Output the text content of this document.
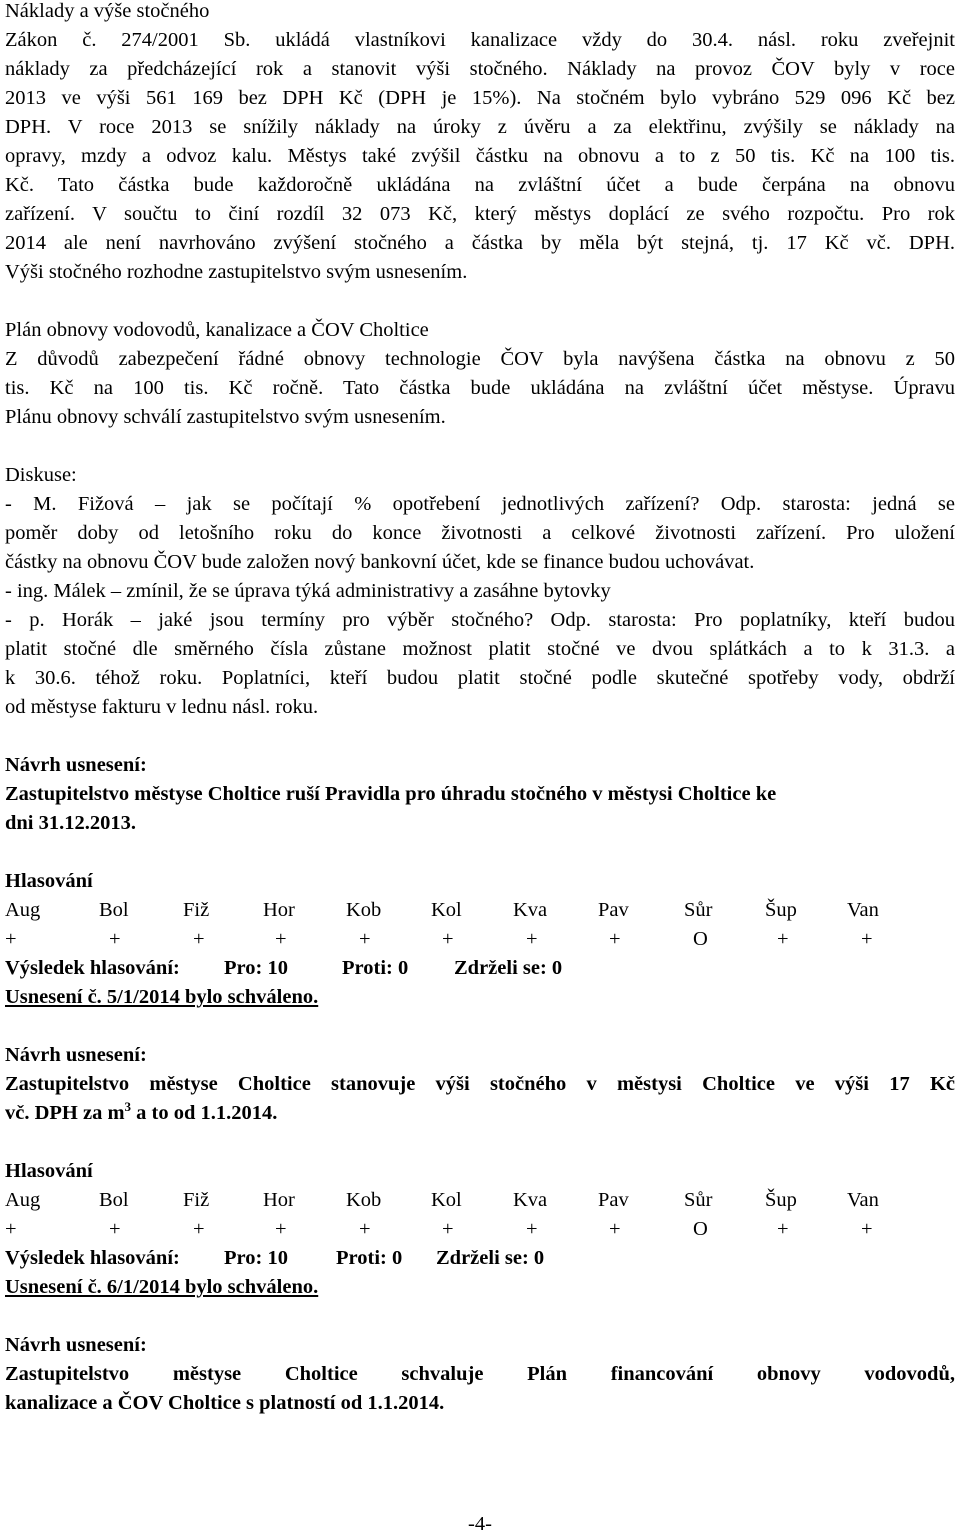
Náklady a výše stočného
Zákon č. 274/2001 Sb. ukládá vlastníkovi kanalizace vždy do 30.4. násl. roku zveřejnit
náklady za předcházející rok a stanovit výši stočného. Náklady na provoz ČOV byly v roce
2013 ve výši 561 169 bez DPH Kč (DPH je 15%). Na stočném bylo vybráno 529 096 Kč bez
DPH. V roce 2013 se snížily náklady na úroky z úvěru a za elektřinu, zvýšily se náklady na
opravy, mzdy a odvoz kalu. Městys také zvýšil částku na obnovu a to z 50 tis. Kč na 100 tis.
Kč. Tato částka bude každoročně ukládána na zvláštní účet a bude čerpána na obnovu
zařízení. V součtu to činí rozdíl 32 073 Kč, který městys doplácí ze svého rozpočtu. Pro rok
2014 ale není navrhováno zvýšení stočného a částka by měla být stejná, tj. 17 Kč vč. DPH.
Výši stočného rozhodne zastupitelstvo svým usnesením.
Plán obnovy vodovodů, kanalizace a ČOV Choltice
Z důvodů zabezpečení řádné obnovy technologie ČOV byla navýšena částka na obnovu z 50
tis. Kč na 100 tis. Kč ročně. Tato částka bude ukládána na zvláštní účet městyse. Úpravu
Plánu obnovy schválí zastupitelstvo svým usnesením.
Diskuse:
- M. Fižová – jak se počítají % opotřebení jednotlivých zařízení? Odp. starosta: jedná se
poměr doby od letošního roku do konce životnosti a celkové životnosti zařízení. Pro uložení
částky na obnovu ČOV bude založen nový bankovní účet, kde se finance budou uchovávat.
- ing. Málek – zmínil, že se úprava týká administrativy a zasáhne bytovky
- p. Horák – jaké jsou termíny pro výběr stočného? Odp. starosta: Pro poplatníky, kteří budou
platit stočné dle směrného čísla zůstane možnost platit stočné ve dvou splátkách a to k 31.3. a
k 30.6. téhož roku. Poplatníci, kteří budou platit stočné podle skutečné spotřeby vody, obdrží
od městyse fakturu v lednu násl. roku.
Návrh usnesení:
Zastupitelstvo městyse Choltice ruší Pravidla pro úhradu stočného v městysi Choltice ke
dni 31.12.2013.
Hlasování
Aug	Bol	Fiž	Hor Kob Kol	Kva Pav	Sůr	Šup Van
+	+	+	+	+	+	+	+	O	+	+
Výsledek hlasování: Pro: 10	Proti: 0 Zdrželi se: 0
Usnesení č. 5/1/2014 bylo schváleno.
Návrh usnesení:
Zastupitelstvo městyse Choltice stanovuje výši stočného v městysi Choltice ve výši 17 Kč
vč. DPH za $m^3$ a to od 1.1.2014.
Hlasování
Aug	Bol	Fiž	Hor Kob Kol	Kva Pav	Sůr	Šup Van
+	+	+	+	+	+	+	+	O	+	+
Výsledek hlasování: Pro: 10 Proti: 0 Zdrželi se: 0
Usnesení č. 6/1/2014 bylo schváleno.
Návrh usnesení:
Zastupitelstvo městyse Choltice schvaluje Plán financování obnovy vodovodů,
kanalizace a ČOV Choltice s platností od 1.1.2014.
-4-
